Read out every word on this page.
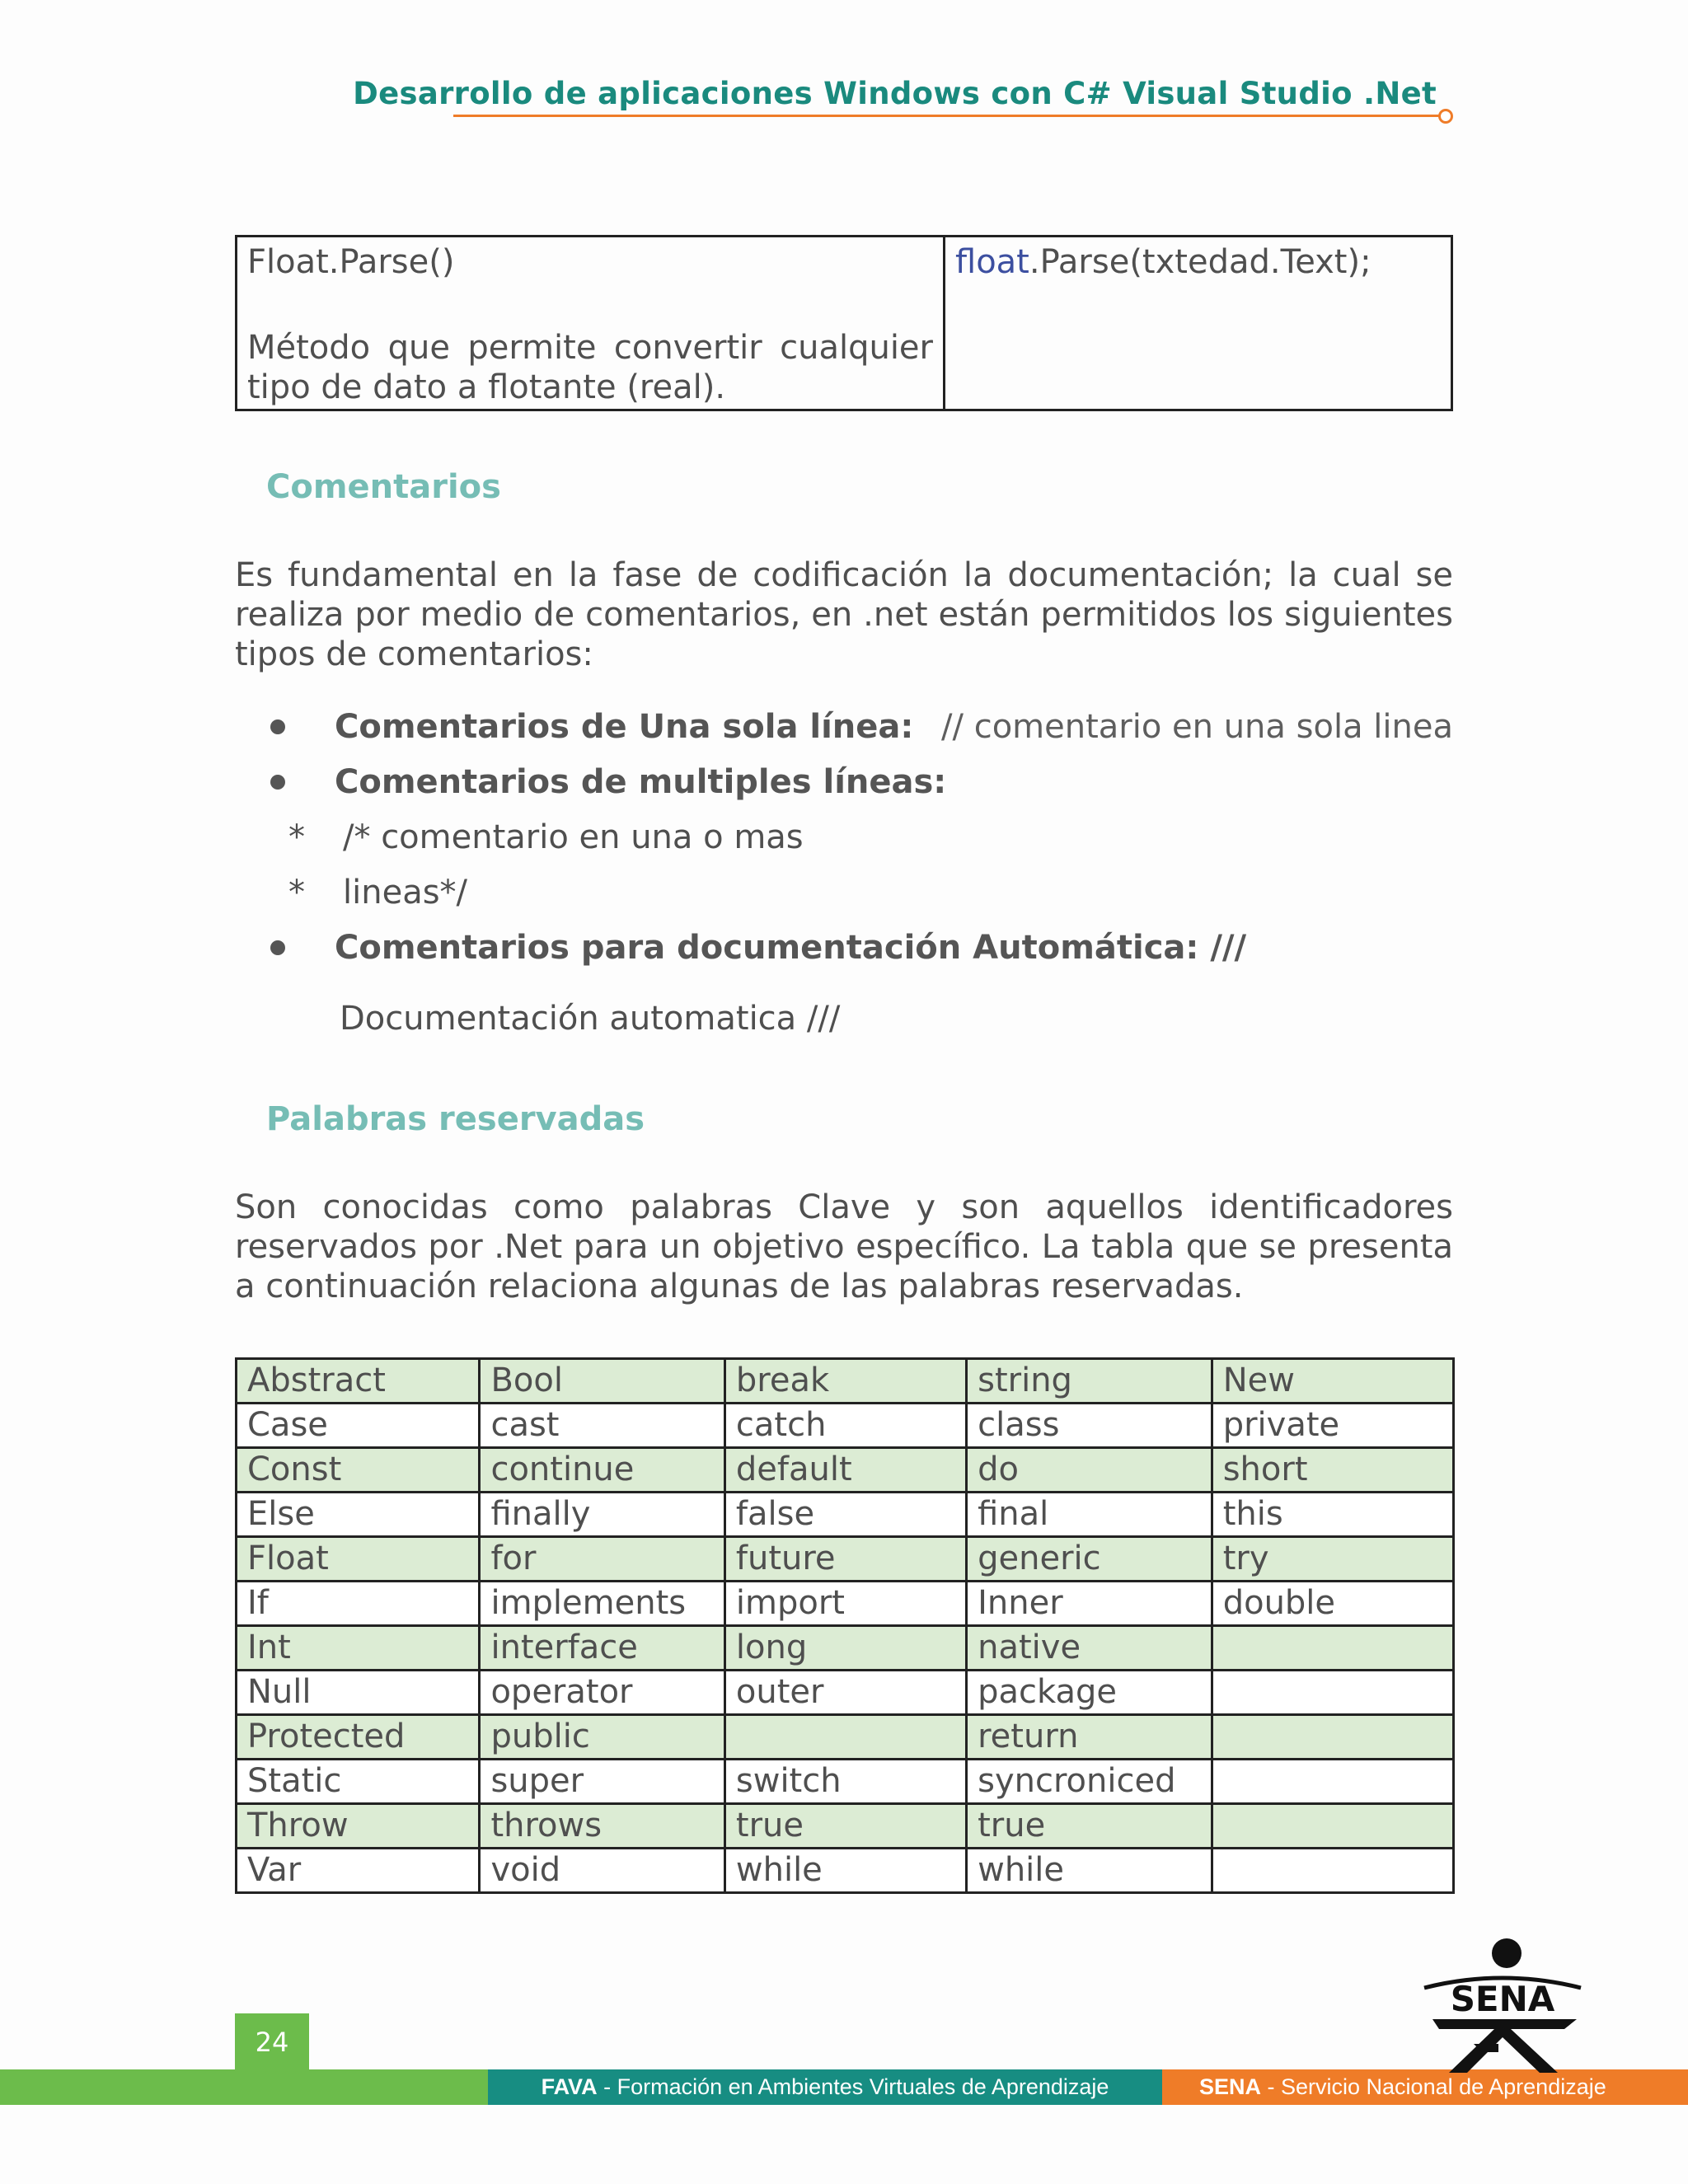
Desarrollo de aplicaciones Windows con C# Visual Studio .Net
Float.Parse()
Método que permite convertir cualquier tipo de dato a flotante (real).
	float.Parse(txtedad.Text);
Comentarios

Es fundamental en la fase de codificación la documentación; la cual se realiza por medio de comentarios, en .net están permitidos los siguientes tipos de comentarios:

Comentarios de Una sola línea: // comentario en una sola linea
Comentarios de multiples líneas:
* /* comentario en una o mas
* lineas*/
Comentarios para documentación Automática: ///
Documentación automatica ///
Palabras reservadas

Son conocidas como palabras Clave y son aquellos identificadores reservados por .Net para un objetivo específico. La tabla que se presenta a continuación relaciona algunas de las palabras reservadas.

Abstract	Bool	break	string	New
Case	cast	catch	class	private
Const	continue	default	do	short
Else	finally	false	final	this
Float	for	future	generic	try
If	implements	import	Inner	double
Int	interface	long	native	
Null	operator	outer	package	
Protected	public		return	
Static	super	switch	syncroniced	
Throw	throws	true	true	
Var	void	while	while	
24
FAVA - Formación en Ambientes Virtuales de Aprendizaje	SENA - Servicio Nacional de Aprendizaje
SENA
